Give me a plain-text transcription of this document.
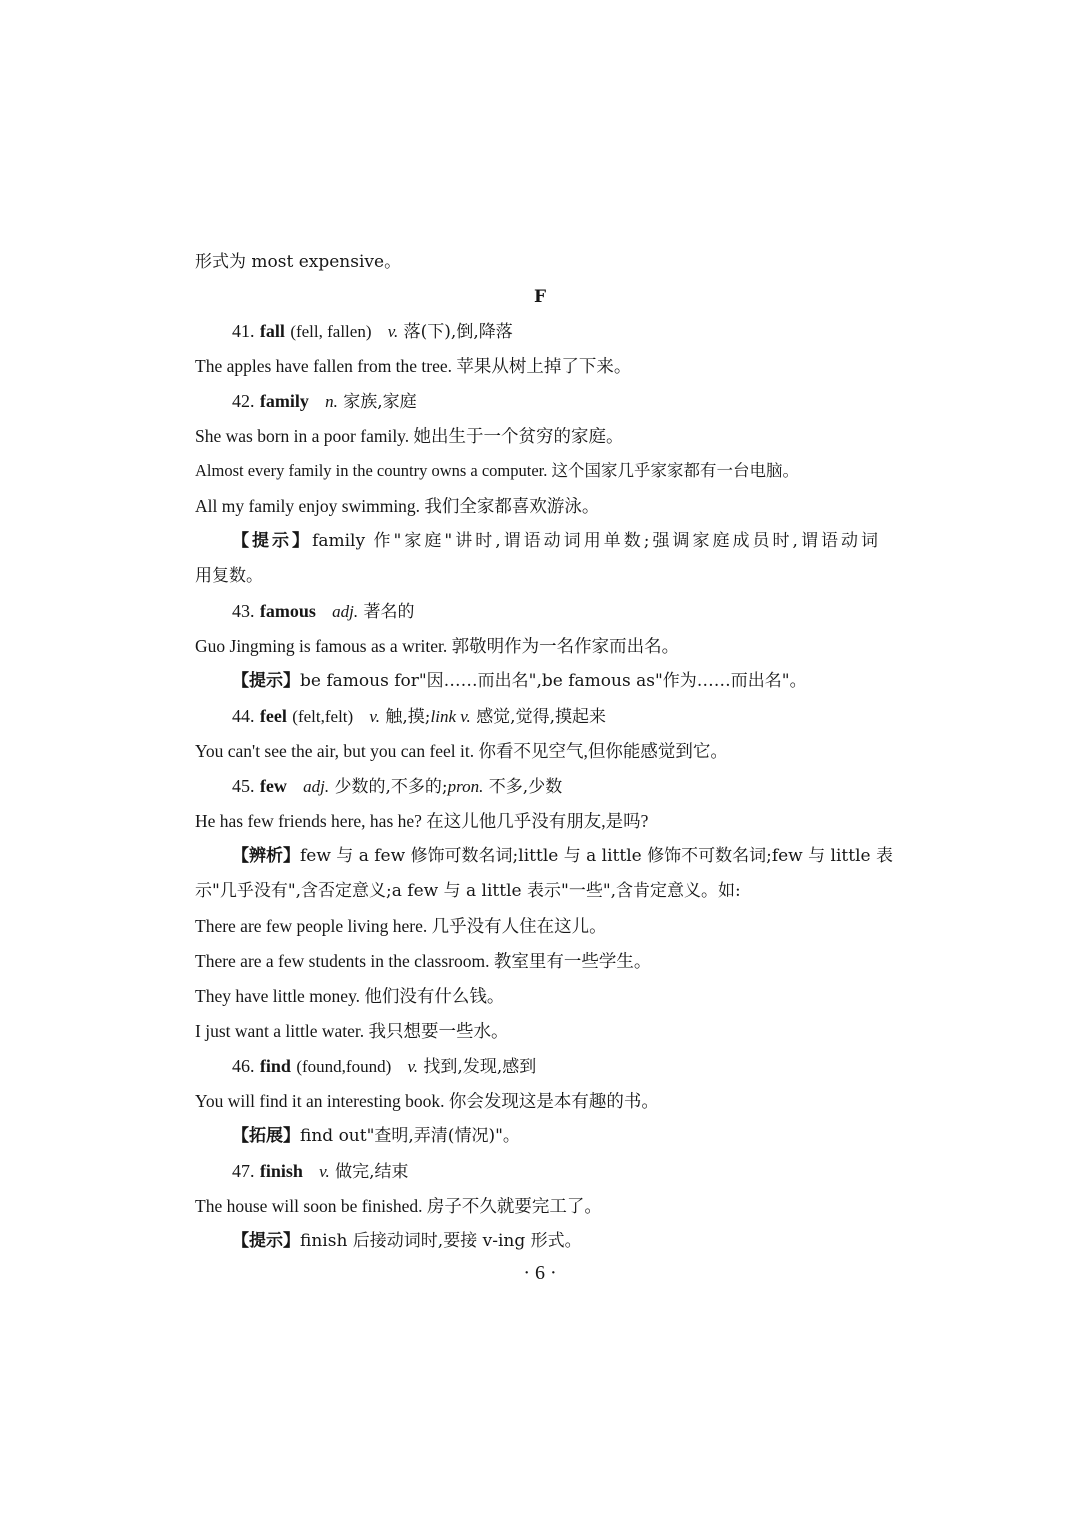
形式为 most expensive。
F
41. fall (fell, fallen) v. 落(下),倒,降落
The apples have fallen from the tree. 苹果从树上掉了下来。
42. family n. 家族,家庭
She was born in a poor family. 她出生于一个贫穷的家庭。
Almost every family in the country owns a computer. 这个国家几乎家家都有一台电脑。
All my family enjoy swimming. 我们全家都喜欢游泳。
【提示】family 作"家庭"讲时,谓语动词用单数;强调家庭成员时,谓语动词
用复数。
43. famous adj. 著名的
Guo Jingming is famous as a writer. 郭敬明作为一名作家而出名。
【提示】be famous for"因……而出名",be famous as"作为……而出名"。
44. feel (felt,felt) v. 触,摸;link v. 感觉,觉得,摸起来
You can't see the air, but you can feel it. 你看不见空气,但你能感觉到它。
45. few adj. 少数的,不多的;pron. 不多,少数
He has few friends here, has he? 在这儿他几乎没有朋友,是吗?
【辨析】few 与 a few 修饰可数名词;little 与 a little 修饰不可数名词;few 与 little 表
示"几乎没有",含否定意义;a few 与 a little 表示"一些",含肯定意义。如:
There are few people living here. 几乎没有人住在这儿。
There are a few students in the classroom. 教室里有一些学生。
They have little money. 他们没有什么钱。
I just want a little water. 我只想要一些水。
46. find (found,found) v. 找到,发现,感到
You will find it an interesting book. 你会发现这是本有趣的书。
【拓展】find out"查明,弄清(情况)"。
47. finish v. 做完,结束
The house will soon be finished. 房子不久就要完工了。
【提示】finish 后接动词时,要接 v-ing 形式。
· 6 ·
